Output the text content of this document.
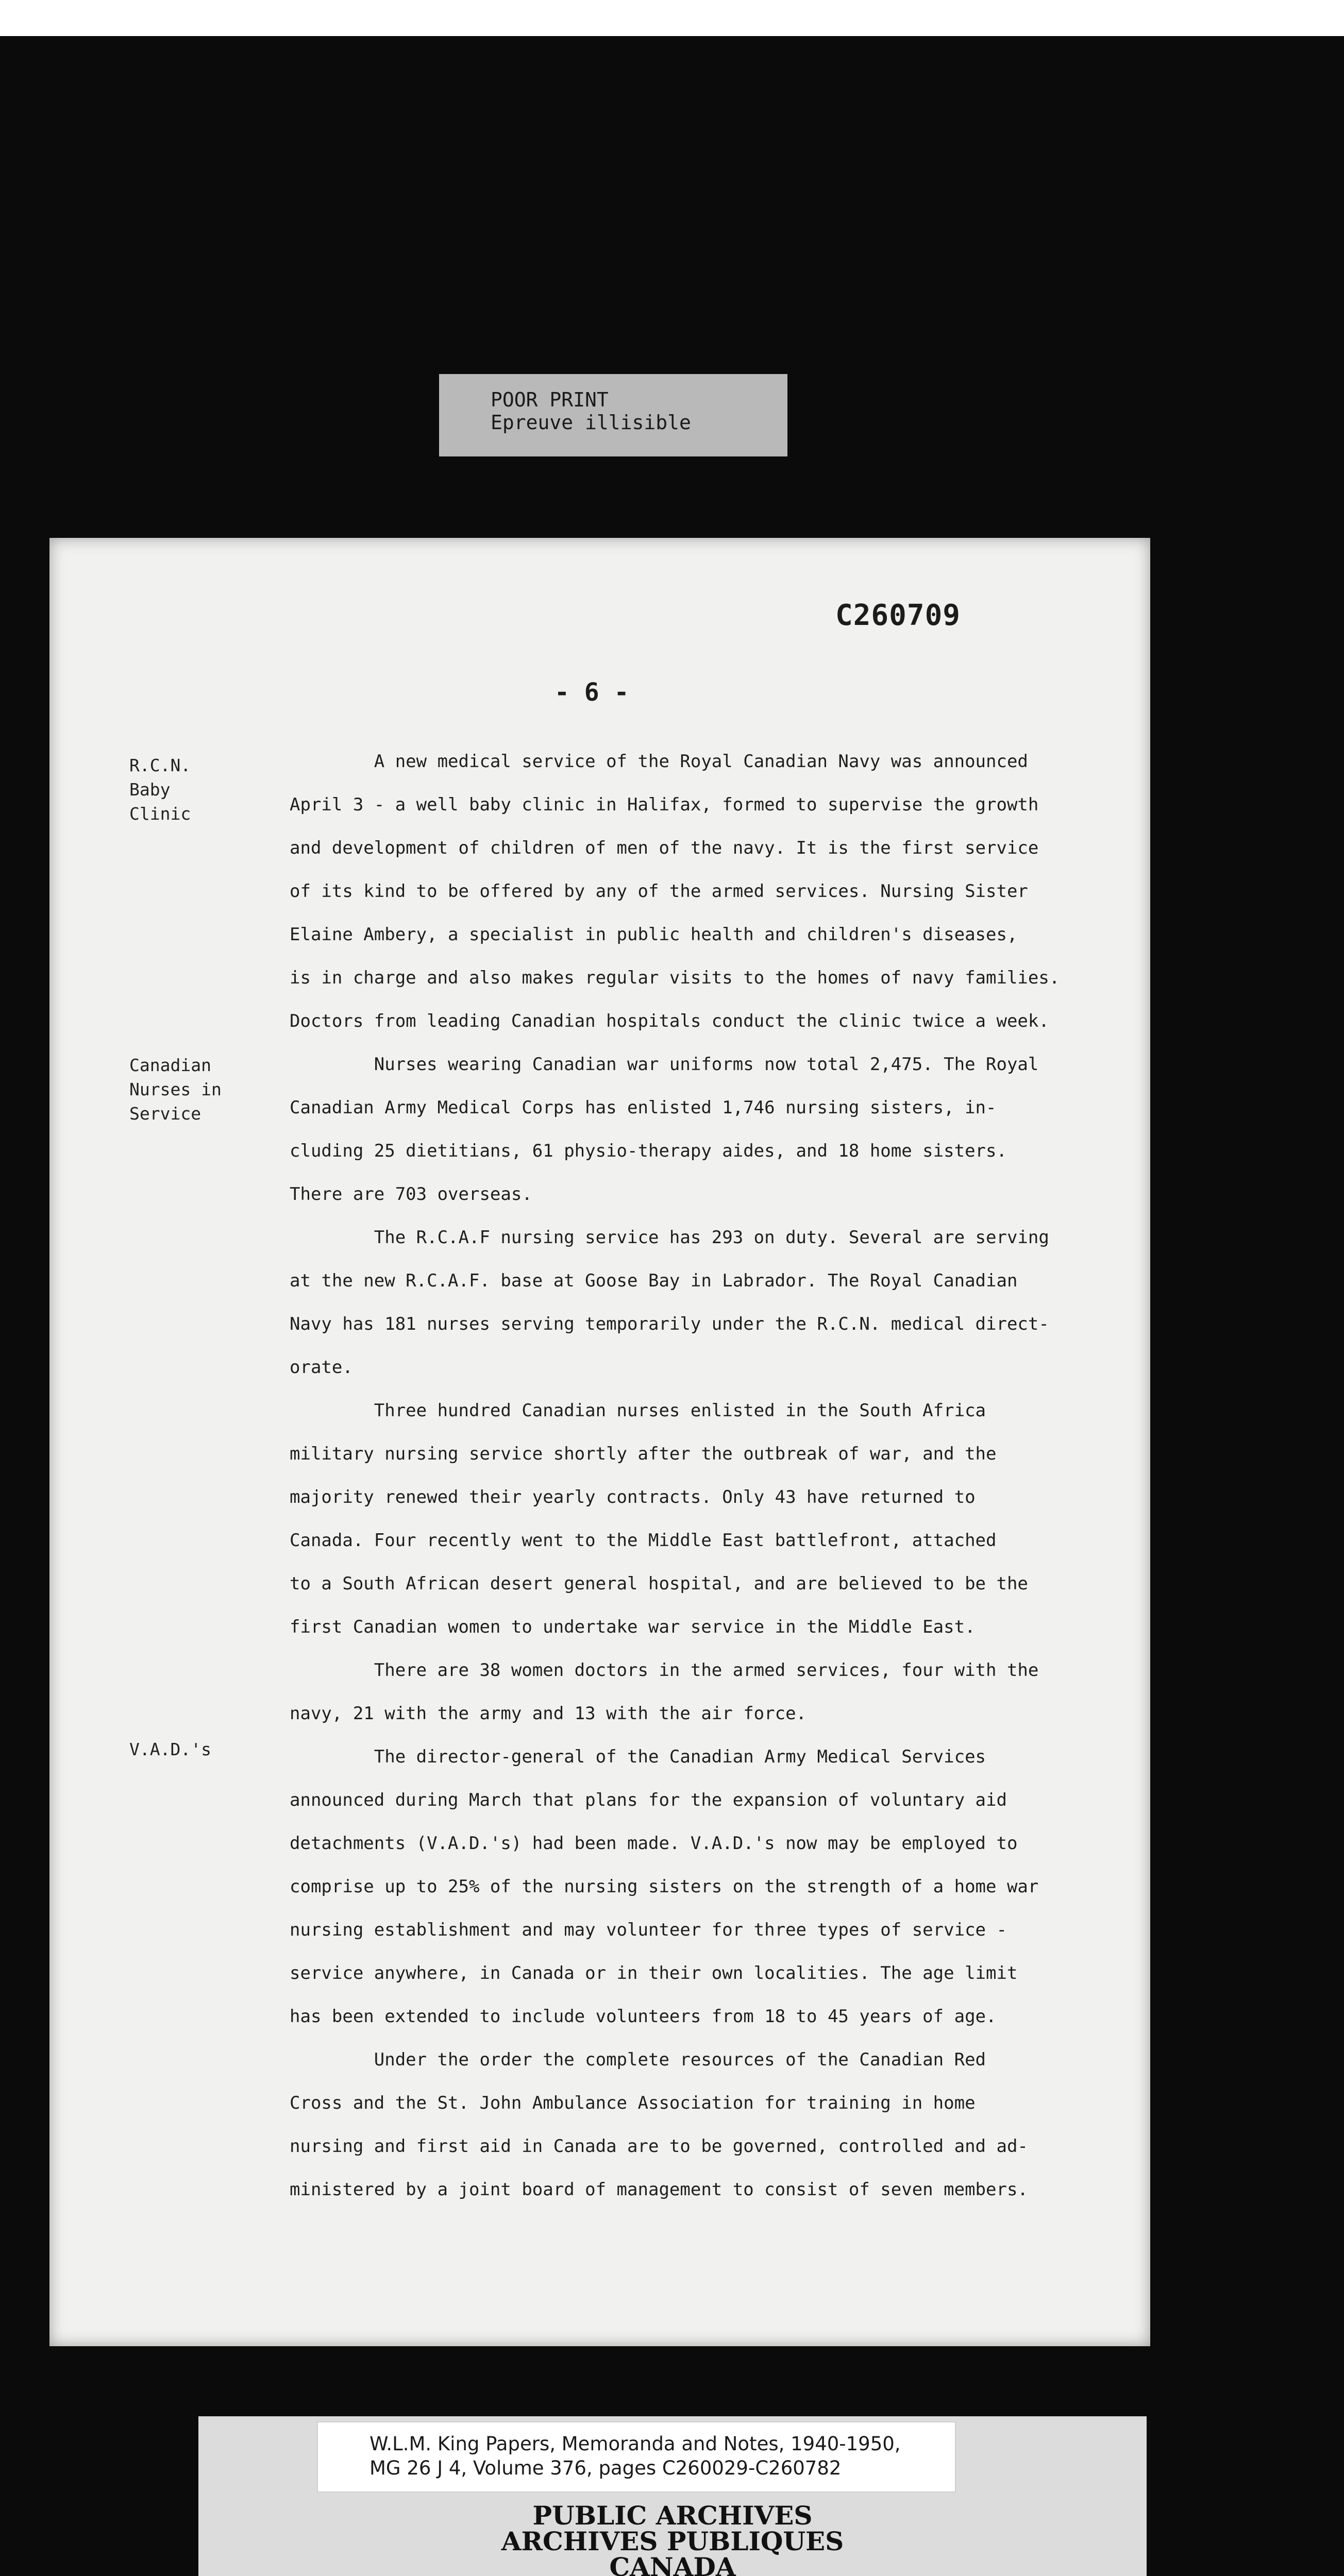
POOR PRINT
Epreuve illisible
C260709
- 6 -
R.C.N.
Baby
Clinic
Canadian
Nurses in
Service
V.A.D.'s
A new medical service of the Royal Canadian Navy was announced
April 3 - a well baby clinic in Halifax, formed to supervise the growth
and development of children of men of the navy. It is the first service
of its kind to be offered by any of the armed services. Nursing Sister
Elaine Ambery, a specialist in public health and children's diseases,
is in charge and also makes regular visits to the homes of navy families.
Doctors from leading Canadian hospitals conduct the clinic twice a week.
Nurses wearing Canadian war uniforms now total 2,475. The Royal
Canadian Army Medical Corps has enlisted 1,746 nursing sisters, in-
cluding 25 dietitians, 61 physio-therapy aides, and 18 home sisters.
There are 703 overseas.
The R.C.A.F nursing service has 293 on duty. Several are serving
at the new R.C.A.F. base at Goose Bay in Labrador. The Royal Canadian
Navy has 181 nurses serving temporarily under the R.C.N. medical direct-
orate.
Three hundred Canadian nurses enlisted in the South Africa
military nursing service shortly after the outbreak of war, and the
majority renewed their yearly contracts. Only 43 have returned to
Canada. Four recently went to the Middle East battlefront, attached
to a South African desert general hospital, and are believed to be the
first Canadian women to undertake war service in the Middle East.
There are 38 women doctors in the armed services, four with the
navy, 21 with the army and 13 with the air force.
The director-general of the Canadian Army Medical Services
announced during March that plans for the expansion of voluntary aid
detachments (V.A.D.'s) had been made. V.A.D.'s now may be employed to
comprise up to 25% of the nursing sisters on the strength of a home war
nursing establishment and may volunteer for three types of service -
service anywhere, in Canada or in their own localities. The age limit
has been extended to include volunteers from 18 to 45 years of age.
Under the order the complete resources of the Canadian Red
Cross and the St. John Ambulance Association for training in home
nursing and first aid in Canada are to be governed, controlled and ad-
ministered by a joint board of management to consist of seven members.
W.L.M. King Papers, Memoranda and Notes, 1940-1950,
MG 26 J 4, Volume 376, pages C260029-C260782
PUBLIC ARCHIVES
ARCHIVES PUBLIQUES
CANADA
